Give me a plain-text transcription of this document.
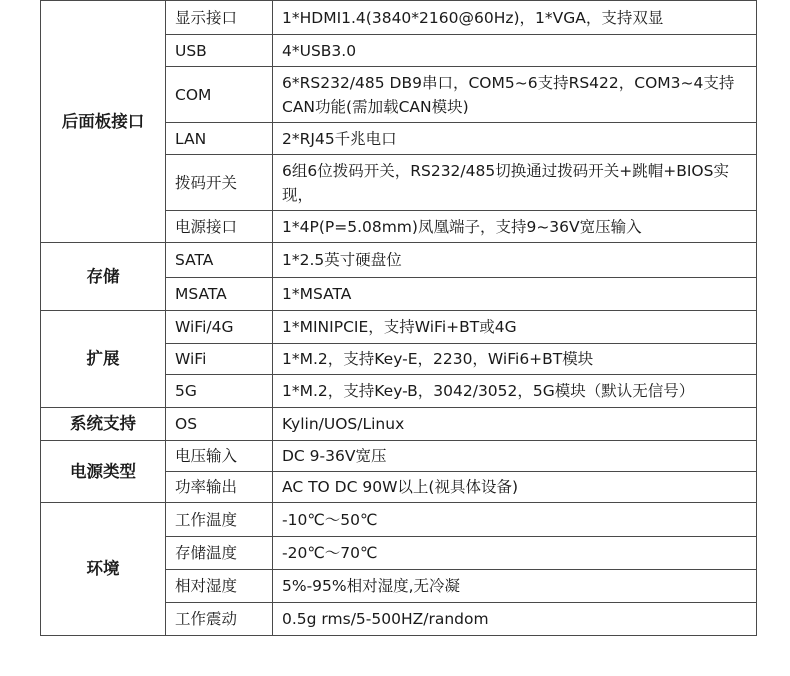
后面板接口	显示接口	1*HDMI1.4(3840*2160@60Hz)，1*VGA，支持双显
	USB	4*USB3.0
	COM	6*RS232/485 DB9串口，COM5~6支持RS422，COM3~4支持CAN功能(需加载CAN模块)
	LAN	2*RJ45千兆电口
	拨码开关	6组6位拨码开关，RS232/485切换通过拨码开关+跳帽+BIOS实现，
	电源接口	1*4P(P=5.08mm)凤凰端子，支持9~36V宽压输入
存储	SATA	1*2.5英寸硬盘位
	MSATA	1*MSATA
扩展	WiFi/4G	1*MINIPCIE，支持WiFi+BT或4G
	WiFi	1*M.2，支持Key-E，2230，WiFi6+BT模块
	5G	1*M.2，支持Key-B，3042/3052，5G模块（默认无信号）
系统支持	OS	Kylin/UOS/Linux
电源类型	电压输入	DC 9-36V宽压
	功率输出	AC TO DC 90W以上(视具体设备)
环境	工作温度	-10℃～50℃
	存储温度	-20℃～70℃
	相对湿度	5%-95%相对湿度,无冷凝
	工作震动	0.5g rms/5-500HZ/random
